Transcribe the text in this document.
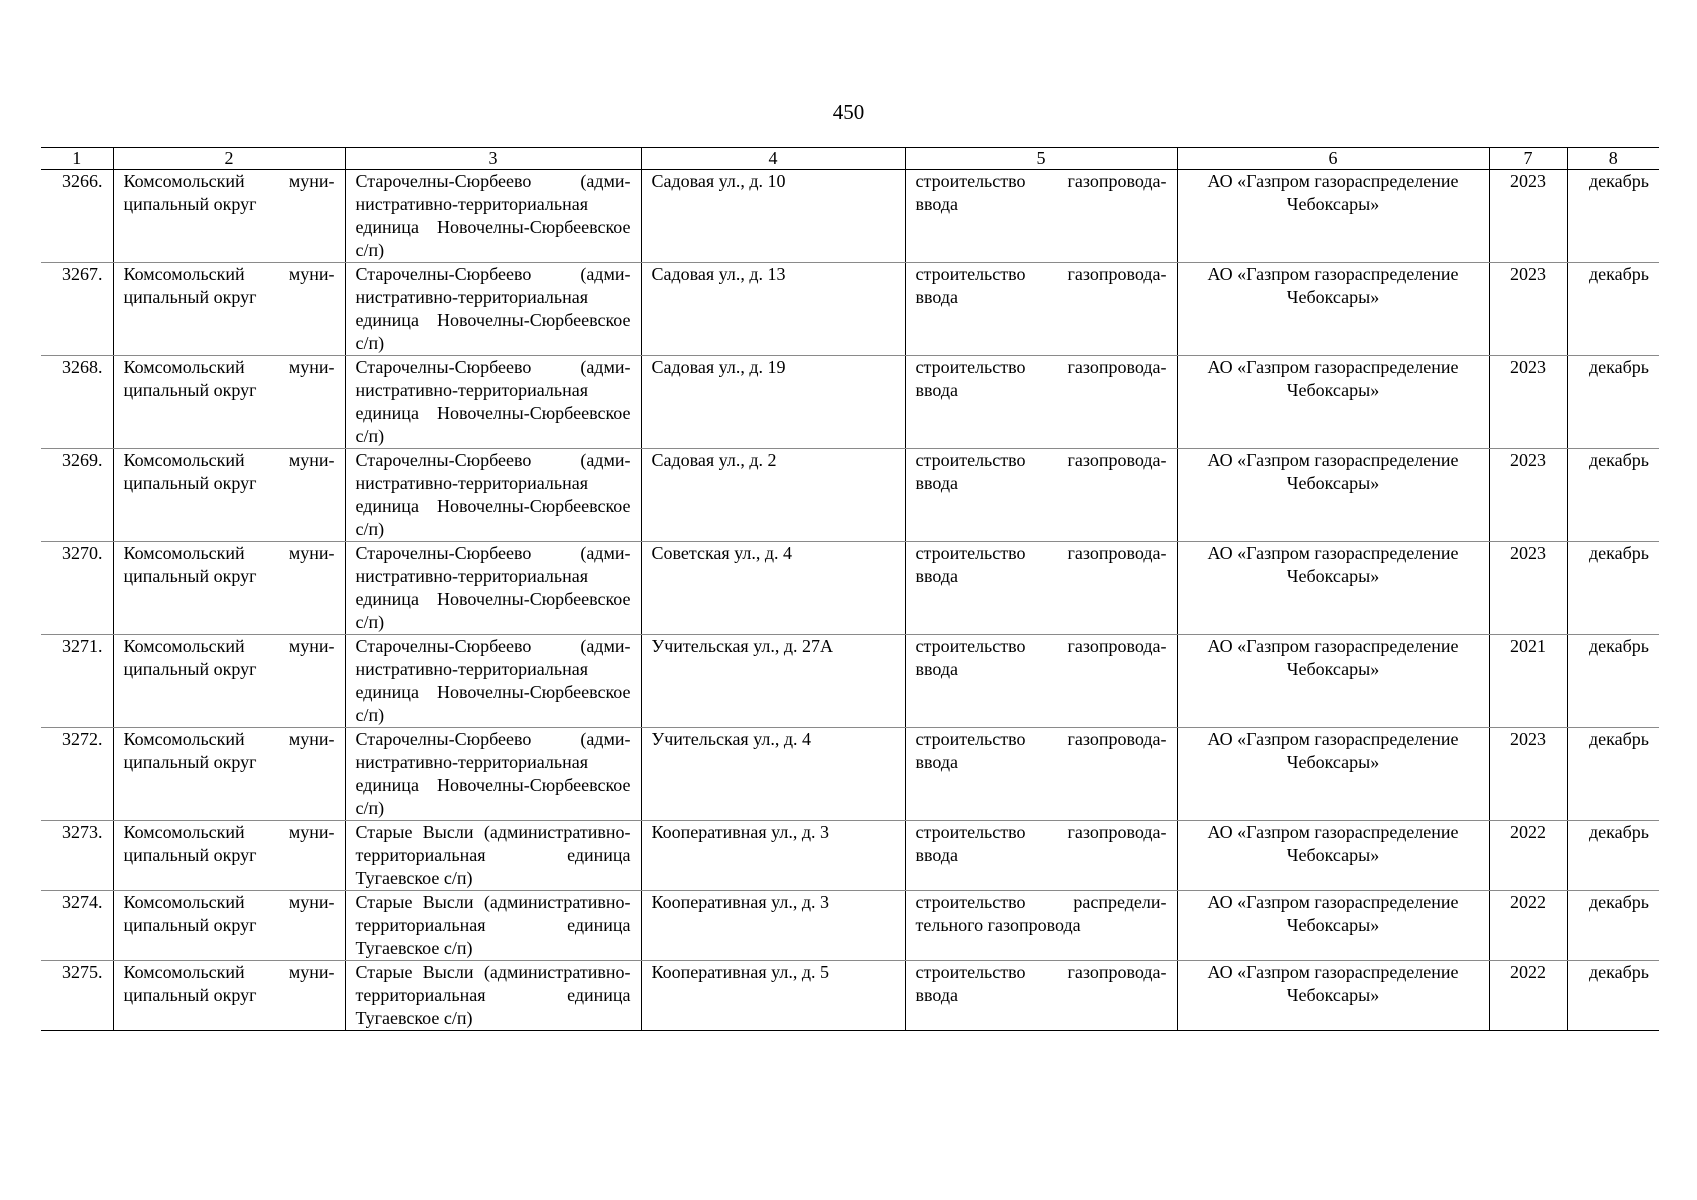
450
1	2	3	4	5	6	7	8
3266.	Комсомольский муниципальный округ	Старочелны-Сюрбеево (административно-территориальная единица Новочелны-Сюрбеевское с/п)	Садовая ул., д. 10	строительство газопровода-ввода	АО «Газпром газораспределение Чебоксары»	2023	декабрь
3267.	Комсомольский муниципальный округ	Старочелны-Сюрбеево (административно-территориальная единица Новочелны-Сюрбеевское с/п)	Садовая ул., д. 13	строительство газопровода-ввода	АО «Газпром газораспределение Чебоксары»	2023	декабрь
3268.	Комсомольский муниципальный округ	Старочелны-Сюрбеево (административно-территориальная единица Новочелны-Сюрбеевское с/п)	Садовая ул., д. 19	строительство газопровода-ввода	АО «Газпром газораспределение Чебоксары»	2023	декабрь
3269.	Комсомольский муниципальный округ	Старочелны-Сюрбеево (административно-территориальная единица Новочелны-Сюрбеевское с/п)	Садовая ул., д. 2	строительство газопровода-ввода	АО «Газпром газораспределение Чебоксары»	2023	декабрь
3270.	Комсомольский муниципальный округ	Старочелны-Сюрбеево (административно-территориальная единица Новочелны-Сюрбеевское с/п)	Советская ул., д. 4	строительство газопровода-ввода	АО «Газпром газораспределение Чебоксары»	2023	декабрь
3271.	Комсомольский муниципальный округ	Старочелны-Сюрбеево (административно-территориальная единица Новочелны-Сюрбеевское с/п)	Учительская ул., д. 27А	строительство газопровода-ввода	АО «Газпром газораспределение Чебоксары»	2021	декабрь
3272.	Комсомольский муниципальный округ	Старочелны-Сюрбеево (административно-территориальная единица Новочелны-Сюрбеевское с/п)	Учительская ул., д. 4	строительство газопровода-ввода	АО «Газпром газораспределение Чебоксары»	2023	декабрь
3273.	Комсомольский муниципальный округ	Старые Высли (административно-территориальная единица Тугаевское с/п)	Кооперативная ул., д. 3	строительство газопровода-ввода	АО «Газпром газораспределение Чебоксары»	2022	декабрь
3274.	Комсомольский муниципальный округ	Старые Высли (административно-территориальная единица Тугаевское с/п)	Кооперативная ул., д. 3	строительство распределительного газопровода	АО «Газпром газораспределение Чебоксары»	2022	декабрь
3275.	Комсомольский муниципальный округ	Старые Высли (административно-территориальная единица Тугаевское с/п)	Кооперативная ул., д. 5	строительство газопровода-ввода	АО «Газпром газораспределение Чебоксары»	2022	декабрь
